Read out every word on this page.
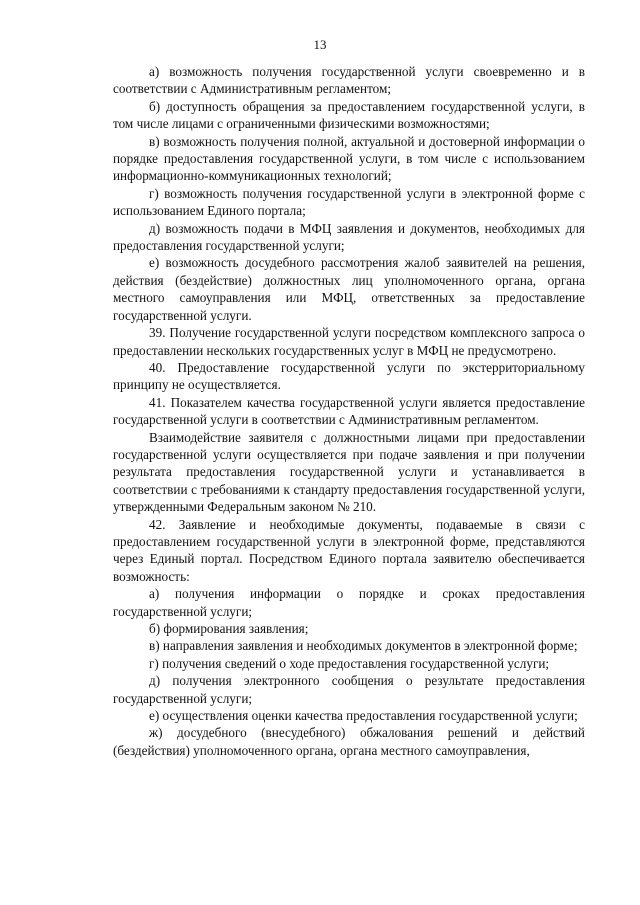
13

а) возможность получения государственной услуги своевременно и в соответствии с Административным регламентом;

б) доступность обращения за предоставлением государственной услуги, в том числе лицами с ограниченными физическими возможностями;

в) возможность получения полной, актуальной и достоверной информации о порядке предоставления государственной услуги, в том числе с использованием информационно-коммуникационных технологий;

г) возможность получения государственной услуги в электронной форме с использованием Единого портала;

д) возможность подачи в МФЦ заявления и документов, необходимых для предоставления государственной услуги;

е) возможность досудебного рассмотрения жалоб заявителей на решения, действия (бездействие) должностных лиц уполномоченного органа, органа местного самоуправления или МФЦ, ответственных за предоставление государственной услуги.

39. Получение государственной услуги посредством комплексного запроса о предоставлении нескольких государственных услуг в МФЦ не предусмотрено.

40. Предоставление государственной услуги по экстерриториальному принципу не осуществляется.

41. Показателем качества государственной услуги является предоставление государственной услуги в соответствии с Административным регламентом.

Взаимодействие заявителя с должностными лицами при предоставлении государственной услуги осуществляется при подаче заявления и при получении результата предоставления государственной услуги и устанавливается в соответствии с требованиями к стандарту предоставления государственной услуги, утвержденными Федеральным законом № 210.

42. Заявление и необходимые документы, подаваемые в связи с предоставлением государственной услуги в электронной форме, представляются через Единый портал. Посредством Единого портала заявителю обеспечивается возможность:

а) получения информации о порядке и сроках предоставления государственной услуги;

б) формирования заявления;

в) направления заявления и необходимых документов в электронной форме;

г) получения сведений о ходе предоставления государственной услуги;

д) получения электронного сообщения о результате предоставления государственной услуги;

е) осуществления оценки качества предоставления государственной услуги;

ж) досудебного (внесудебного) обжалования решений и действий (бездействия) уполномоченного органа, органа местного самоуправления,
